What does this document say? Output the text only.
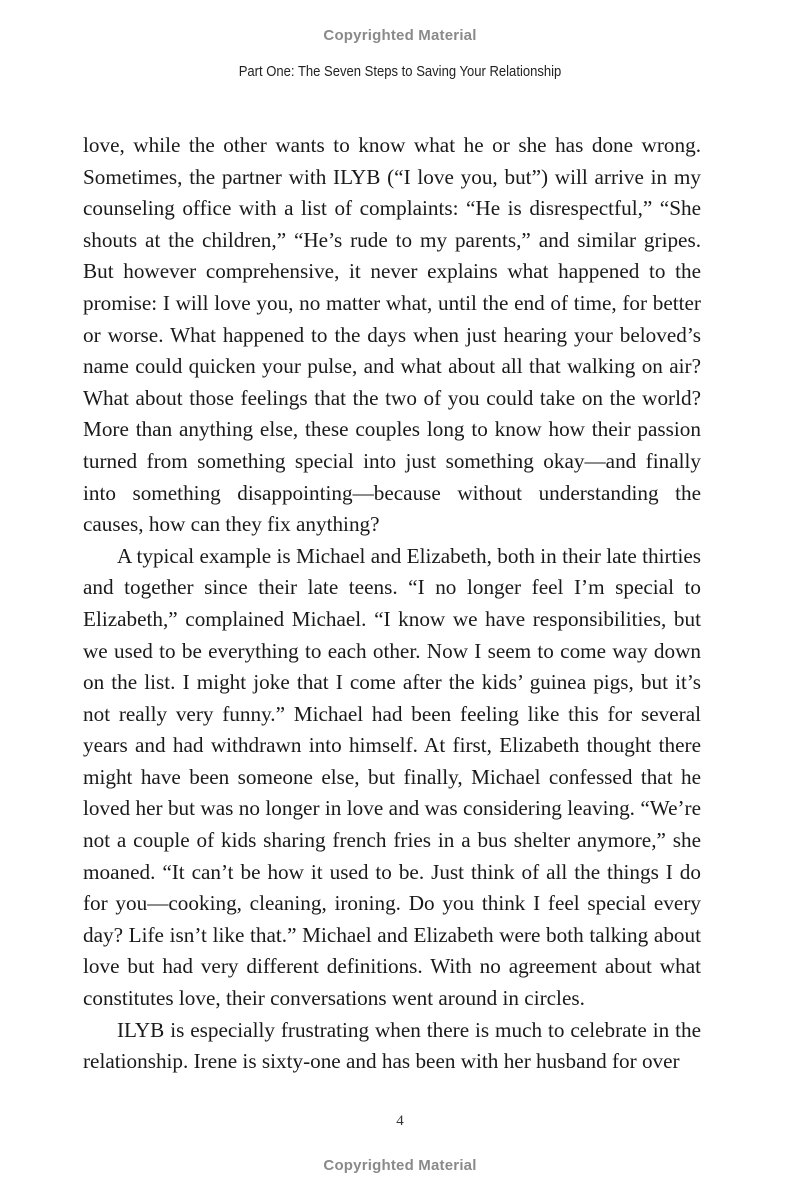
Copyrighted Material
Part One: The Seven Steps to Saving Your Relationship

love, while the other wants to know what he or she has done wrong. Sometimes, the partner with ILYB (“I love you, but”) will arrive in my counseling office with a list of complaints: “He is disrespectful,” “She shouts at the children,” “He’s rude to my parents,” and similar gripes. But however comprehensive, it never explains what happened to the promise: I will love you, no matter what, until the end of time, for better or worse. What happened to the days when just hearing your beloved’s name could quicken your pulse, and what about all that walking on air? What about those feelings that the two of you could take on the world? More than anything else, these couples long to know how their passion turned from something special into just something okay—and finally into something disappointing—because without understanding the causes, how can they fix anything?

A typical example is Michael and Elizabeth, both in their late thirties and together since their late teens. “I no longer feel I’m special to Elizabeth,” complained Michael. “I know we have responsibilities, but we used to be everything to each other. Now I seem to come way down on the list. I might joke that I come after the kids’ guinea pigs, but it’s not really very funny.” Michael had been feeling like this for several years and had withdrawn into himself. At first, Elizabeth thought there might have been someone else, but finally, Michael confessed that he loved her but was no longer in love and was considering leaving. “We’re not a couple of kids sharing french fries in a bus shelter anymore,” she moaned. “It can’t be how it used to be. Just think of all the things I do for you—cooking, cleaning, ironing. Do you think I feel special every day? Life isn’t like that.” Michael and Elizabeth were both talking about love but had very different definitions. With no agreement about what constitutes love, their conversations went around in circles.

ILYB is especially frustrating when there is much to celebrate in the relationship. Irene is sixty-one and has been with her husband for over

4
Copyrighted Material
